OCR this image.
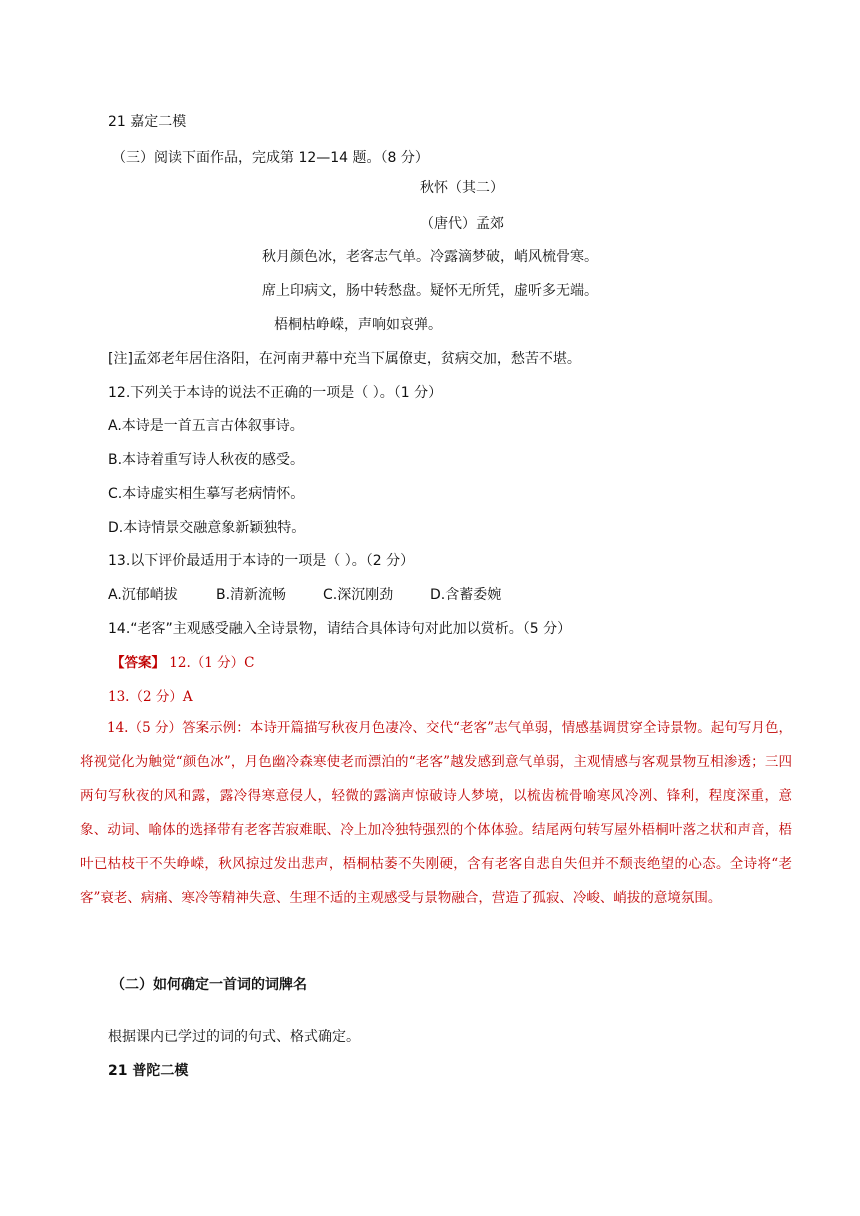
21 嘉定二模
（三）阅读下面作品，完成第 12—14 题。（8 分）
秋怀（其二）
（唐代）孟郊
秋月颜色冰，老客志气单。冷露滴梦破，峭风梳骨寒。
席上印病文，肠中转愁盘。疑怀无所凭，虚听多无端。
梧桐枯峥嵘，声响如哀弹。
[注]孟郊老年居住洛阳，在河南尹幕中充当下属僚吏，贫病交加，愁苦不堪。
12.下列关于本诗的说法不正确的一项是（ ）。（1 分）
A.本诗是一首五言古体叙事诗。
B.本诗着重写诗人秋夜的感受。
C.本诗虚实相生摹写老病情怀。
D.本诗情景交融意象新颖独特。
13.以下评价最适用于本诗的一项是（ ）。（2 分）
A.沉郁峭拔	B.清新流畅	C.深沉刚劲	D.含蓄委婉
14.“老客”主观感受融入全诗景物，请结合具体诗句对此加以赏析。（5 分）
【答案】 12.（1 分）C
13.（2 分）A
14.（5 分）答案示例：本诗开篇描写秋夜月色凄冷、交代“老客”志气单弱，情感基调贯穿全诗景物。起句写月色，将视觉化为触觉“颜色冰”，月色幽冷森寒使老而漂泊的“老客”越发感到意气单弱，主观情感与客观景物互相渗透；三四两句写秋夜的风和露，露冷得寒意侵人，轻微的露滴声惊破诗人梦境，以梳齿梳骨喻寒风冷冽、锋利，程度深重，意象、动词、喻体的选择带有老客苦寂难眠、冷上加冷独特强烈的个体体验。结尾两句转写屋外梧桐叶落之状和声音，梧叶已枯枝干不失峥嵘，秋风掠过发出悲声，梧桐枯萎不失刚硬，含有老客自悲自失但并不颓丧绝望的心态。全诗将“老客”衰老、病痛、寒冷等精神失意、生理不适的主观感受与景物融合，营造了孤寂、冷峻、峭拔的意境氛围。
（二）如何确定一首词的词牌名
根据课内已学过的词的句式、格式确定。
21 普陀二模
